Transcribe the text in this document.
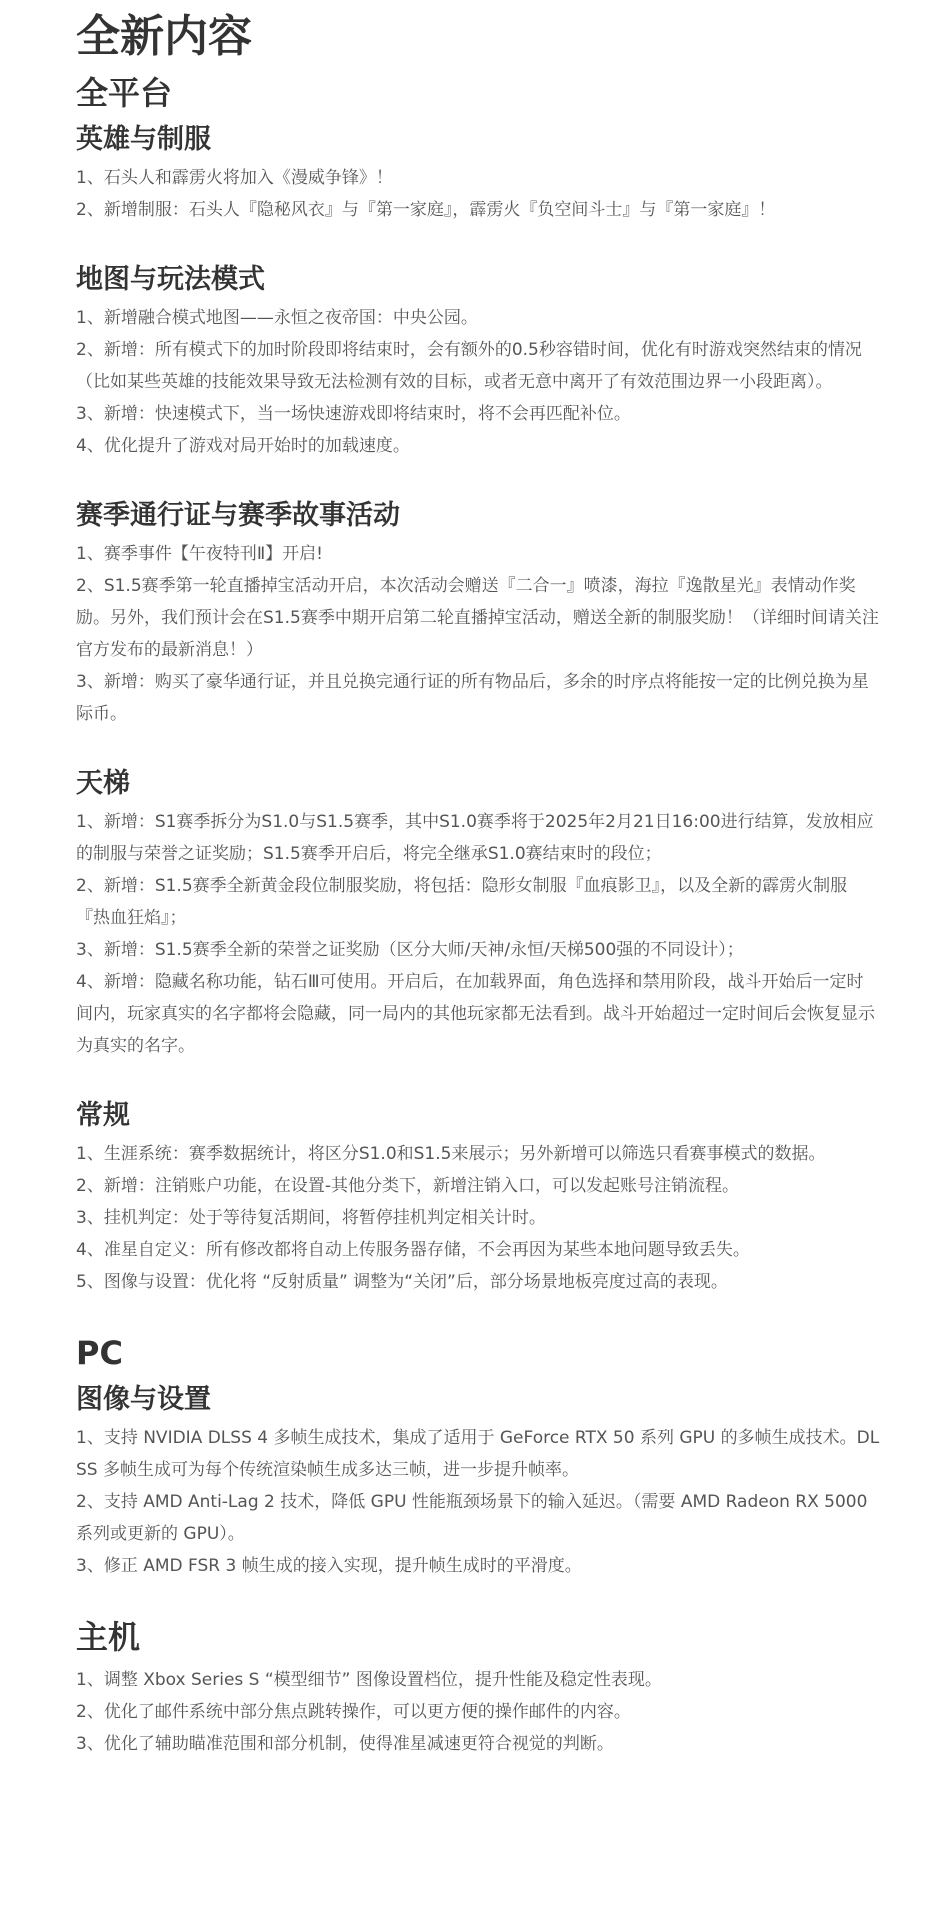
全新内容
全平台
英雄与制服
1、石头人和霹雳火将加入《漫威争锋》！
2、新增制服：石头人『隐秘风衣』与『第一家庭』，霹雳火『负空间斗士』与『第一家庭』！
地图与玩法模式
1、新增融合模式地图——永恒之夜帝国：中央公园。
2、新增：所有模式下的加时阶段即将结束时，会有额外的0.5秒容错时间，优化有时游戏突然结束的情况（比如某些英雄的技能效果导致无法检测有效的目标，或者无意中离开了有效范围边界一小段距离）。
3、新增：快速模式下，当一场快速游戏即将结束时，将不会再匹配补位。
4、优化提升了游戏对局开始时的加载速度。
赛季通行证与赛季故事活动
1、赛季事件【午夜特刊Ⅱ】开启!
2、S1.5赛季第一轮直播掉宝活动开启，本次活动会赠送『二合一』喷漆，海拉『逸散星光』表情动作奖励。另外，我们预计会在S1.5赛季中期开启第二轮直播掉宝活动，赠送全新的制服奖励！（详细时间请关注官方发布的最新消息！）
3、新增：购买了豪华通行证，并且兑换完通行证的所有物品后，多余的时序点将能按一定的比例兑换为星际币。
天梯
1、新增：S1赛季拆分为S1.0与S1.5赛季，其中S1.0赛季将于2025年2月21日16:00进行结算，发放相应的制服与荣誉之证奖励；S1.5赛季开启后，将完全继承S1.0赛结束时的段位；
2、新增：S1.5赛季全新黄金段位制服奖励，将包括：隐形女制服『血痕影卫』，以及全新的霹雳火制服『热血狂焰』；
3、新增：S1.5赛季全新的荣誉之证奖励（区分大师/天神/永恒/天梯500强的不同设计）；
4、新增：隐藏名称功能，钻石Ⅲ可使用。开启后，在加载界面，角色选择和禁用阶段，战斗开始后一定时间内，玩家真实的名字都将会隐藏，同一局内的其他玩家都无法看到。战斗开始超过一定时间后会恢复显示为真实的名字。
常规
1、生涯系统：赛季数据统计，将区分S1.0和S1.5来展示；另外新增可以筛选只看赛事模式的数据。
2、新增：注销账户功能，在设置-其他分类下，新增注销入口，可以发起账号注销流程。
3、挂机判定：处于等待复活期间，将暂停挂机判定相关计时。
4、准星自定义：所有修改都将自动上传服务器存储，不会再因为某些本地问题导致丢失。
5、图像与设置：优化将 “反射质量” 调整为“关闭”后，部分场景地板亮度过高的表现。
PC
图像与设置
1、支持 NVIDIA DLSS 4 多帧生成技术，集成了适用于 GeForce RTX 50 系列 GPU 的多帧生成技术。DLSS 多帧生成可为每个传统渲染帧生成多达三帧，进一步提升帧率。
2、支持 AMD Anti-Lag 2 技术，降低 GPU 性能瓶颈场景下的输入延迟。（需要 AMD Radeon RX 5000 系列或更新的 GPU）。
3、修正 AMD FSR 3 帧生成的接入实现，提升帧生成时的平滑度。
主机
1、调整 Xbox Series S “模型细节” 图像设置档位，提升性能及稳定性表现。
2、优化了邮件系统中部分焦点跳转操作，可以更方便的操作邮件的内容。
3、优化了辅助瞄准范围和部分机制，使得准星减速更符合视觉的判断。
